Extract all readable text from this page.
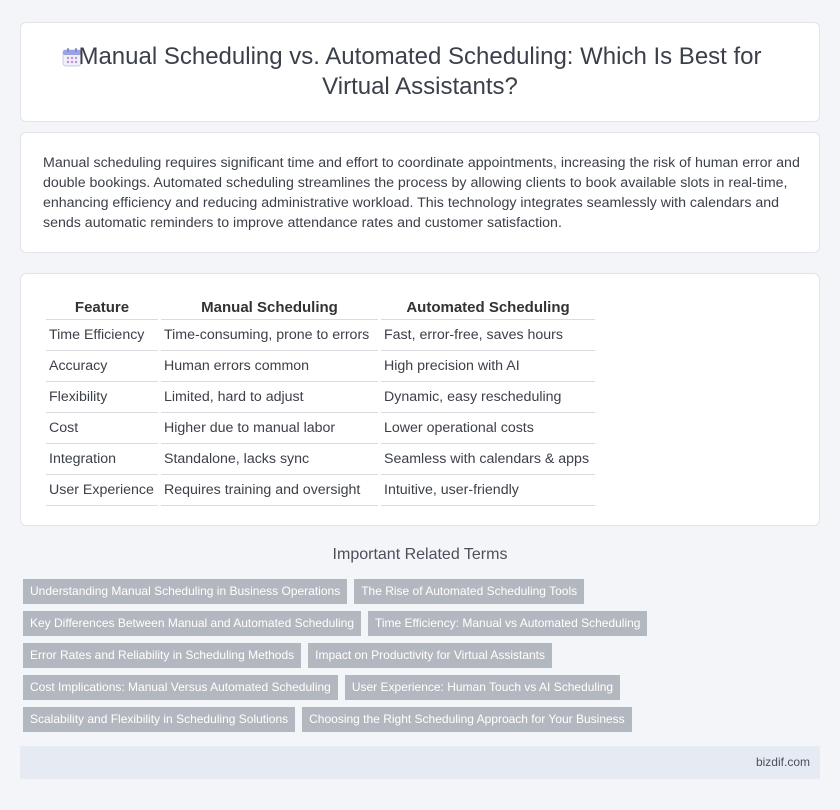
Manual Scheduling vs. Automated Scheduling: Which Is Best for Virtual Assistants?

Manual scheduling requires significant time and effort to coordinate appointments, increasing the risk of human error and double bookings. Automated scheduling streamlines the process by allowing clients to book available slots in real-time, enhancing efficiency and reducing administrative workload. This technology integrates seamlessly with calendars and sends automatic reminders to improve attendance rates and customer satisfaction.

Feature	Manual Scheduling	Automated Scheduling
Time Efficiency	Time-consuming, prone to errors	Fast, error-free, saves hours
Accuracy	Human errors common	High precision with AI
Flexibility	Limited, hard to adjust	Dynamic, easy rescheduling
Cost	Higher due to manual labor	Lower operational costs
Integration	Standalone, lacks sync	Seamless with calendars & apps
User Experience	Requires training and oversight	Intuitive, user-friendly
Important Related Terms
Understanding Manual Scheduling in Business Operations	The Rise of Automated Scheduling Tools
Key Differences Between Manual and Automated Scheduling	Time Efficiency: Manual vs Automated Scheduling
Error Rates and Reliability in Scheduling Methods	Impact on Productivity for Virtual Assistants
Cost Implications: Manual Versus Automated Scheduling	User Experience: Human Touch vs AI Scheduling
Scalability and Flexibility in Scheduling Solutions	Choosing the Right Scheduling Approach for Your Business
bizdif.com
